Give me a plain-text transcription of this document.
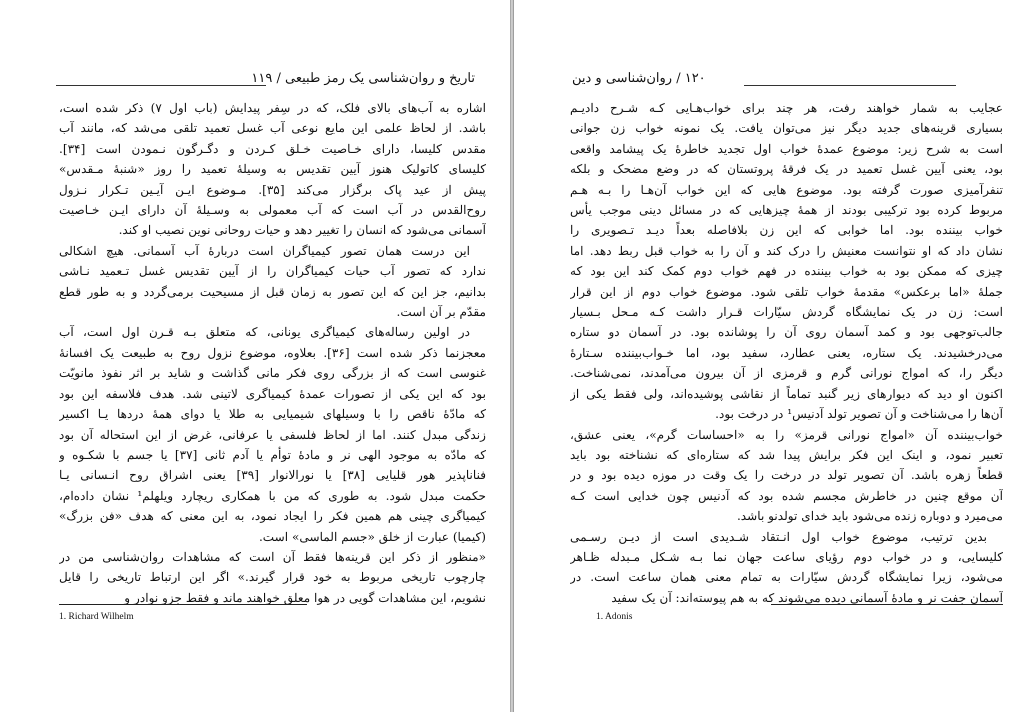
تاریخ و روان‌شناسی یک رمز طبیعی / ۱۱۹
اشاره به آب‌های بالای فلک، که در سِفر پیدایش (باب اول ۷) ذکر شده است،
باشد. از لحاظ علمی این مایع نوعی آب غسل تعمید تلقی می‌شد که، مانند آب
مقدس کلیسا، دارای خـاصیت خـلق کـردن و دگـرگون نـمودن است [۳۴].
کلیسای کاتولیک هنوز آیین تقدیس به وسیلهٔ تعمید را روز «شنبهٔ مـقدس»
پیش از عید پاک برگزار می‌کند [۳۵]. مـوضوع ایـن آیـین تـکرار نـزول
روح‌القدس در آب است که آب معمولی به وسـیلهٔ آن دارای ایـن خـاصیت
آسمانی می‌شود که انسان را تغییر دهد و حیات روحانی نوین نصیب او کند.
این درست همان تصور کیمیاگران است دربارهٔ آب آسمانی. هیچ اشکالی
ندارد که تصور آب حیات کیمیاگران را از آیین تقدیس غسل تـعمید نـاشی
بدانیم، جز این که این تصور به زمان قبل از مسیحیت برمی‌گردد و به طور قطع
مقدّم بر آن است.
در اولین رساله‌های کیمیاگری یونانی، که متعلق بـه قـرن اول است، آب
معجزنما ذکر شده است [۳۶]. بعلاوه، موضوع نزول روح به طبیعت یک افسانهٔ
غنوسی است که از بزرگی روی فکر مانی گذاشت و شاید بر اثر نفوذ مانویّت
بود که این یکی از تصورات عمدهٔ کیمیاگری لاتینی شد. هدف فلاسفه این بود
که مادّهٔ ناقص را با وسیلهای شیمیایی به طلا یا دوای همهٔ دردها یـا اکسیر
زندگی مبدل کنند. اما از لحاظ فلسفی یا عرفانی، غرض از این استحاله آن بود
که مادّه به موجود الهی نر و مادهٔ توأم یا آدم ثانی [۳۷] یا جسم با شکـوه و
فناناپذیر هور قلیایی [۳۸] یا نورالانوار [۳۹] یعنی اشراق روح انـسانی یـا
حکمت مبدل شود. به طوری که من با همکاری ریچارد ویلهلم¹ نشان داده‌ام،
کیمیاگری چینی هم همین فکر را ایجاد نمود، به این معنی که هدف «فن بزرگ»
(کیمیا) عبارت از خلق «جسم الماسی» است.
«منظور از ذکر این قرینه‌ها فقط آن است که مشاهدات روان‌شناسی من در
چارچوب تاریخی مربوط به خود قرار گیرند.» اگر این ارتباط تاریخی را قایل
نشویم، این مشاهدات گویی در هوا معلق خواهند ماند و فقط جزو نوادر و
1. Richard Wilhelm
۱۲۰ / روان‌شناسی و دین
عجایب به شمار خواهند رفت، هر چند برای خواب‌هـایی کـه شـرح دادیـم
بسیاری قرینه‌های جدید دیگر نیز می‌توان یافت. یک نمونه خواب زن جوانی
است به شرح زیر: موضوع عمدهٔ خواب اول تجدید خاطرهٔ یک پیشامد واقعی
بود، یعنی آیین غسل تعمید در یک فرقهٔ پروتستان که در وضع مضحک و بلکه
تنفرآمیزی صورت گرفته بود. موضوع هایی که این خواب آن‌هـا را بـه هـم
مربوط کرده بود ترکیبی بودند از همهٔ چیزهایی که در مسائل دینی موجب یأس
خواب بیننده بود. اما خوابی که این زن بلافاصله بعداً دیـد تـصویری را
نشان داد که او نتوانست معنیش را درک کند و آن را به خواب قبل ربط دهد. اما
چیزی که ممکن بود به خواب بیننده در فهم خواب دوم کمک کند این بود که
جملهٔ «اما برعکس» مقدمهٔ خواب تلقی شود. موضوع خواب دوم از این قرار
است: زن در یک نمایشگاه گردش سیّارات قـرار داشت کـه مـحل بـسیار
جالب‌توجهی بود و کمد آسمان روی آن را پوشانده بود. در آسمان دو ستاره
می‌درخشیدند. یک ستاره، یعنی عطارد، سفید بود، اما خـواب‌بیننده سـتارهٔ
دیگر را، که امواج نورانی گرم و قرمزی از آن بیرون می‌آمدند، نمی‌شناخت.
اکنون او دید که دیوارهای زیر گنبد تماماً از نقاشی پوشیده‌اند، ولی فقط یکی از
آن‌ها را می‌شناخت و آن تصویر تولد آدنیس¹ در درخت بود.
خواب‌بیننده آن «امواج نورانی قرمز» را به «احساسات گرم»، یعنی عشق،
تعبیر نمود، و اینک این فکر برایش پیدا شد که ستاره‌ای که نشناخته بود باید
قطعاً زهره باشد. آن تصویر تولد در درخت را یک وقت در موزه دیده بود و در
آن موقع چنین در خاطرش مجسم شده بود که آدنیس چون خدایی است کـه
می‌میرد و دوباره زنده می‌شود باید خدای تولدنو باشد.
بدین ترتیب، موضوع خواب اول انـتقاد شـدیدی است از دیـن رسـمی
کلیسایی، و در خواب دوم رؤیای ساعت جهان نما بـه شـکل مـبدله ظـاهر
می‌شود، زیرا نمایشگاه گردش سیّارات به تمام معنی همان ساعت است. در
آسمان جفت نر و مادهٔ آسمانی دیده می‌شوند که به هم پیوسته‌اند: آن یک سفید
1. Adonis
